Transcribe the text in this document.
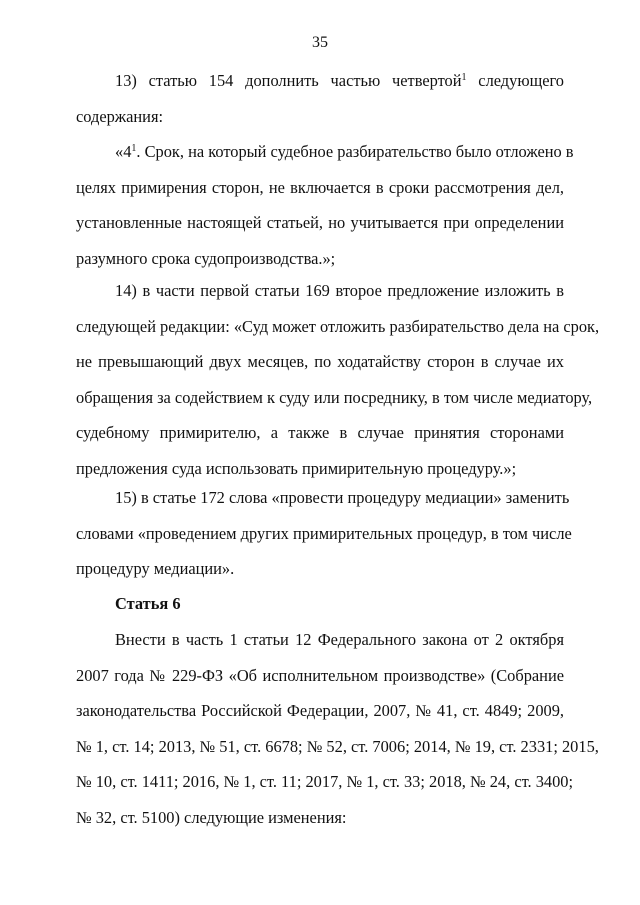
35
13) статью 154 дополнить частью четвертой$^1$ следующего
содержания:
«$4^1$. Срок, на который судебное разбирательство было отложено в
целях примирения сторон, не включается в сроки рассмотрения дел,
установленные настоящей статьей, но учитывается при определении
разумного срока судопроизводства.»;
14) в части первой статьи 169 второе предложение изложить в
следующей редакции: «Суд может отложить разбирательство дела на срок,
не превышающий двух месяцев, по ходатайству сторон в случае их
обращения за содействием к суду или посреднику, в том числе медиатору,
судебному примирителю, а также в случае принятия сторонами
предложения суда использовать примирительную процедуру.»;
15) в статье 172 слова «провести процедуру медиации» заменить
словами «проведением других примирительных процедур, в том числе
процедуру медиации».
Статья 6
Внести в часть 1 статьи 12 Федерального закона от 2 октября
2007 года № 229-ФЗ «Об исполнительном производстве» (Собрание
законодательства Российской Федерации, 2007, № 41, ст. 4849; 2009,
№ 1, ст. 14; 2013, № 51, ст. 6678; № 52, ст. 7006; 2014, № 19, ст. 2331; 2015,
№ 10, ст. 1411; 2016, № 1, ст. 11; 2017, № 1, ст. 33; 2018, № 24, ст. 3400;
№ 32, ст. 5100) следующие изменения:
